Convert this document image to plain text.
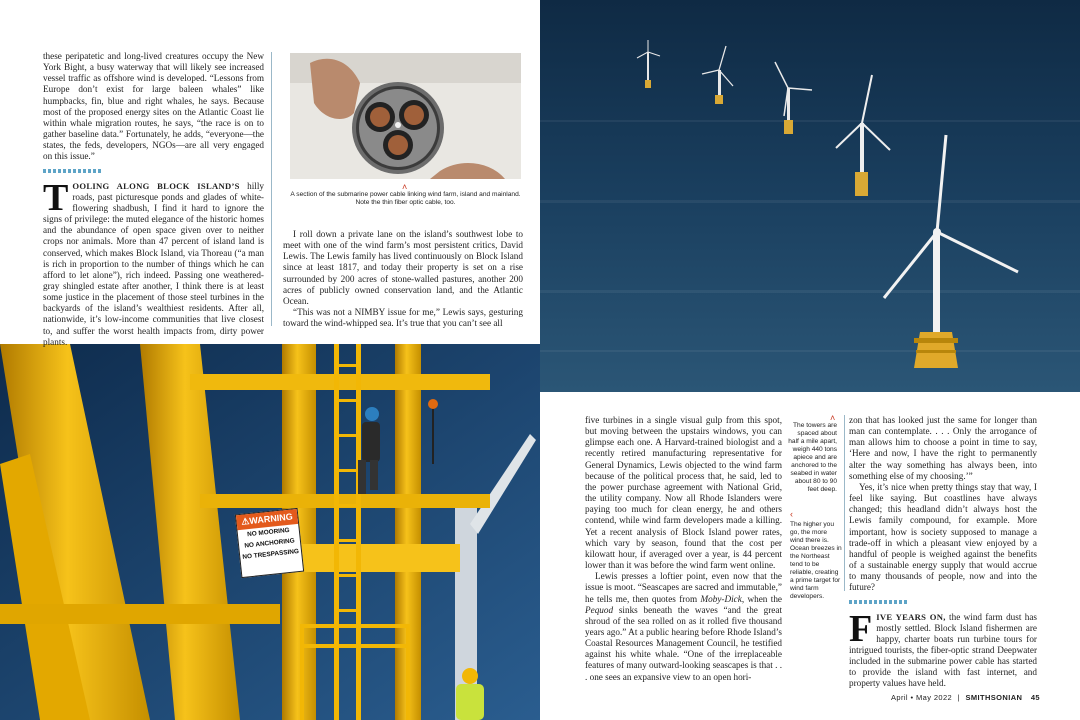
⚠WARNING
NO MOORING
NO ANCHORING
NO TRESPASSING

these peripatetic and long-lived creatures occupy the New York Bight, a busy waterway that will likely see increased vessel traffic as offshore wind is developed. “Lessons from Europe don’t exist for large baleen whales” like humpbacks, fin, blue and right whales, he says. Because most of the proposed energy sites on the Atlantic Coast lie within whale migration routes, he says, “the race is on to gather baseline data.” Fortunately, he adds, “everyone—the states, the feds, developers, NGOs—are all very engaged on this issue.”

TOOLING ALONG BLOCK ISLAND’S hilly roads, past picturesque ponds and glades of white-flowering shadbush, I find it hard to ignore the signs of privilege: the muted elegance of the historic homes and the abundance of open space given over to neither crops nor animals. More than 47 percent of island land is conserved, which makes Block Island, via Thoreau (“a man is rich in proportion to the number of things which he can afford to let alone”), rich indeed. Passing one weathered-gray shingled estate after another, I think there is at least some justice in the placement of those steel turbines in the backyards of the island’s wealthiest residents. After all, nationwide, it’s low-income communities that live closest to, and suffer the worst health impacts from, dirty power plants.

˄
A section of the submarine power cable linking wind farm, island and mainland. Note the thin fiber optic cable, too.

I roll down a private lane on the island’s southwest lobe to meet with one of the wind farm’s most persistent critics, David Lewis. The Lewis family has lived continuously on Block Island since at least 1817, and today their property is set on a rise surrounded by 200 acres of stone-walled pastures, another 200 acres of publicly owned conservation land, and the Atlantic Ocean.

“This was not a NIMBY issue for me,” Lewis says, gesturing toward the wind-whipped sea. It’s true that you can’t see all

five turbines in a single visual gulp from this spot, but moving between the upstairs windows, you can glimpse each one. A Harvard-trained biologist and a recently retired manufacturing representative for General Dynamics, Lewis objected to the wind farm because of the political process that, he said, led to the power purchase agreement with National Grid, the utility company. Now all Rhode Islanders were paying too much for clean energy, he and others contend, while wind farm developers made a killing. Yet a recent analysis of Block Island power rates, which vary by season, found that the cost per kilowatt hour, if averaged over a year, is 44 percent lower than it was before the wind farm went online.

Lewis presses a loftier point, even now that the issue is moot. “Seascapes are sacred and immutable,” he tells me, then quotes from Moby-Dick, when the Pequod sinks beneath the waves “and the great shroud of the sea rolled on as it rolled five thousand years ago.” At a public hearing before Rhode Island’s Coastal Resources Management Council, he testified against his white whale. “One of the irreplaceable features of many outward-looking seascapes is that . . . one sees an expansive view to an open hori-

˄
The towers are spaced about half a mile apart, weigh 440 tons apiece and are anchored to the seabed in water about 80 to 90 feet deep.
‹
The higher you go, the more wind there is. Ocean breezes in the Northeast tend to be reliable, creating a prime target for wind farm developers.

zon that has looked just the same for longer than man can contemplate. . . . Only the arrogance of man allows him to choose a point in time to say, ‘Here and now, I have the right to permanently alter the way something has always been, into something else of my choosing.’”

Yes, it’s nice when pretty things stay that way, I feel like saying. But coastlines have always changed; this headland didn’t always host the Lewis family compound, for example. More important, how is society supposed to manage a trade-off in which a pleasant view enjoyed by a handful of people is weighed against the benefits of a sustainable energy supply that would accrue to many thousands of people, now and into the future?

FIVE YEARS ON, the wind farm dust has mostly settled. Block Island fishermen are happy, charter boats run turbine tours for intrigued tourists, the fiber-optic strand Deepwater included in the submarine power cable has started to provide the island with fast internet, and property values have held.

April • May 2022 | SMITHSONIAN 45
